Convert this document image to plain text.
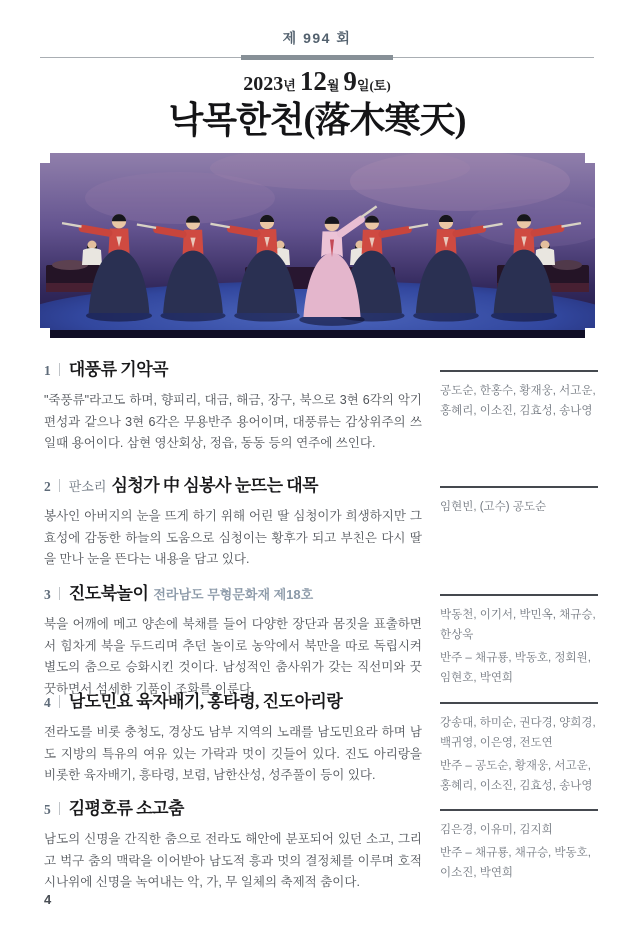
제 994 회
2023년 12월 9일(토)
낙목한천(落木寒天)
1 대풍류 기악곡

"죽풍류"라고도 하며, 향피리, 대금, 해금, 장구, 북으로 3현 6각의 악기편성과 같으나 3현 6각은 무용반주 용어이며, 대풍류는 감상위주의 쓰일때 용어이다. 삼현 영산회상, 정읍, 동동 등의 연주에 쓰인다.

공도순, 한홍수, 황재웅, 서고운, 홍혜리, 이소진, 김효성, 송나영

2 판소리 심청가 中 심봉사 눈뜨는 대목

봉사인 아버지의 눈을 뜨게 하기 위해 어린 딸 심청이가 희생하지만 그 효성에 감동한 하늘의 도움으로 심청이는 황후가 되고 부친은 다시 딸을 만나 눈을 뜬다는 내용을 담고 있다.

임현빈, (고수) 공도순

3 진도북놀이 전라남도 무형문화재 제18호

북을 어깨에 메고 양손에 북채를 들어 다양한 장단과 몸짓을 표출하면서 힘차게 북을 두드리며 추던 놀이로 농악에서 북만을 따로 독립시켜 별도의 춤으로 승화시킨 것이다. 남성적인 춤사위가 갖는 직선미와 꿋꿋하면서 섬세한 기품이 조화를 이룬다.

박동천, 이기서, 박민옥, 채규승, 한상욱

반주 – 채규룡, 박동호, 정회원, 임현호, 박연희

4 남도민요 육자배기, 홍타령, 진도아리랑

전라도를 비롯 충청도, 경상도 남부 지역의 노래를 남도민요라 하며 남도 지방의 특유의 여유 있는 가락과 멋이 깃들어 있다. 진도 아리랑을 비롯한 육자배기, 흥타령, 보렴, 남한산성, 성주풀이 등이 있다.

강송대, 하미순, 권다경, 양희경, 백귀영, 이은영, 전도연

반주 – 공도순, 황재웅, 서고운, 홍혜리, 이소진, 김효성, 송나영

5 김평호류 소고춤

남도의 신명을 간직한 춤으로 전라도 해안에 분포되어 있던 소고, 그리고 벅구 춤의 맥락을 이어받아 남도적 흥과 멋의 결정체를 이루며 호적시나위에 신명을 녹여내는 악, 가, 무 일체의 축제적 춤이다.

김은경, 이유미, 김지희

반주 – 채규룡, 채규승, 박동호, 이소진, 박연희

4
